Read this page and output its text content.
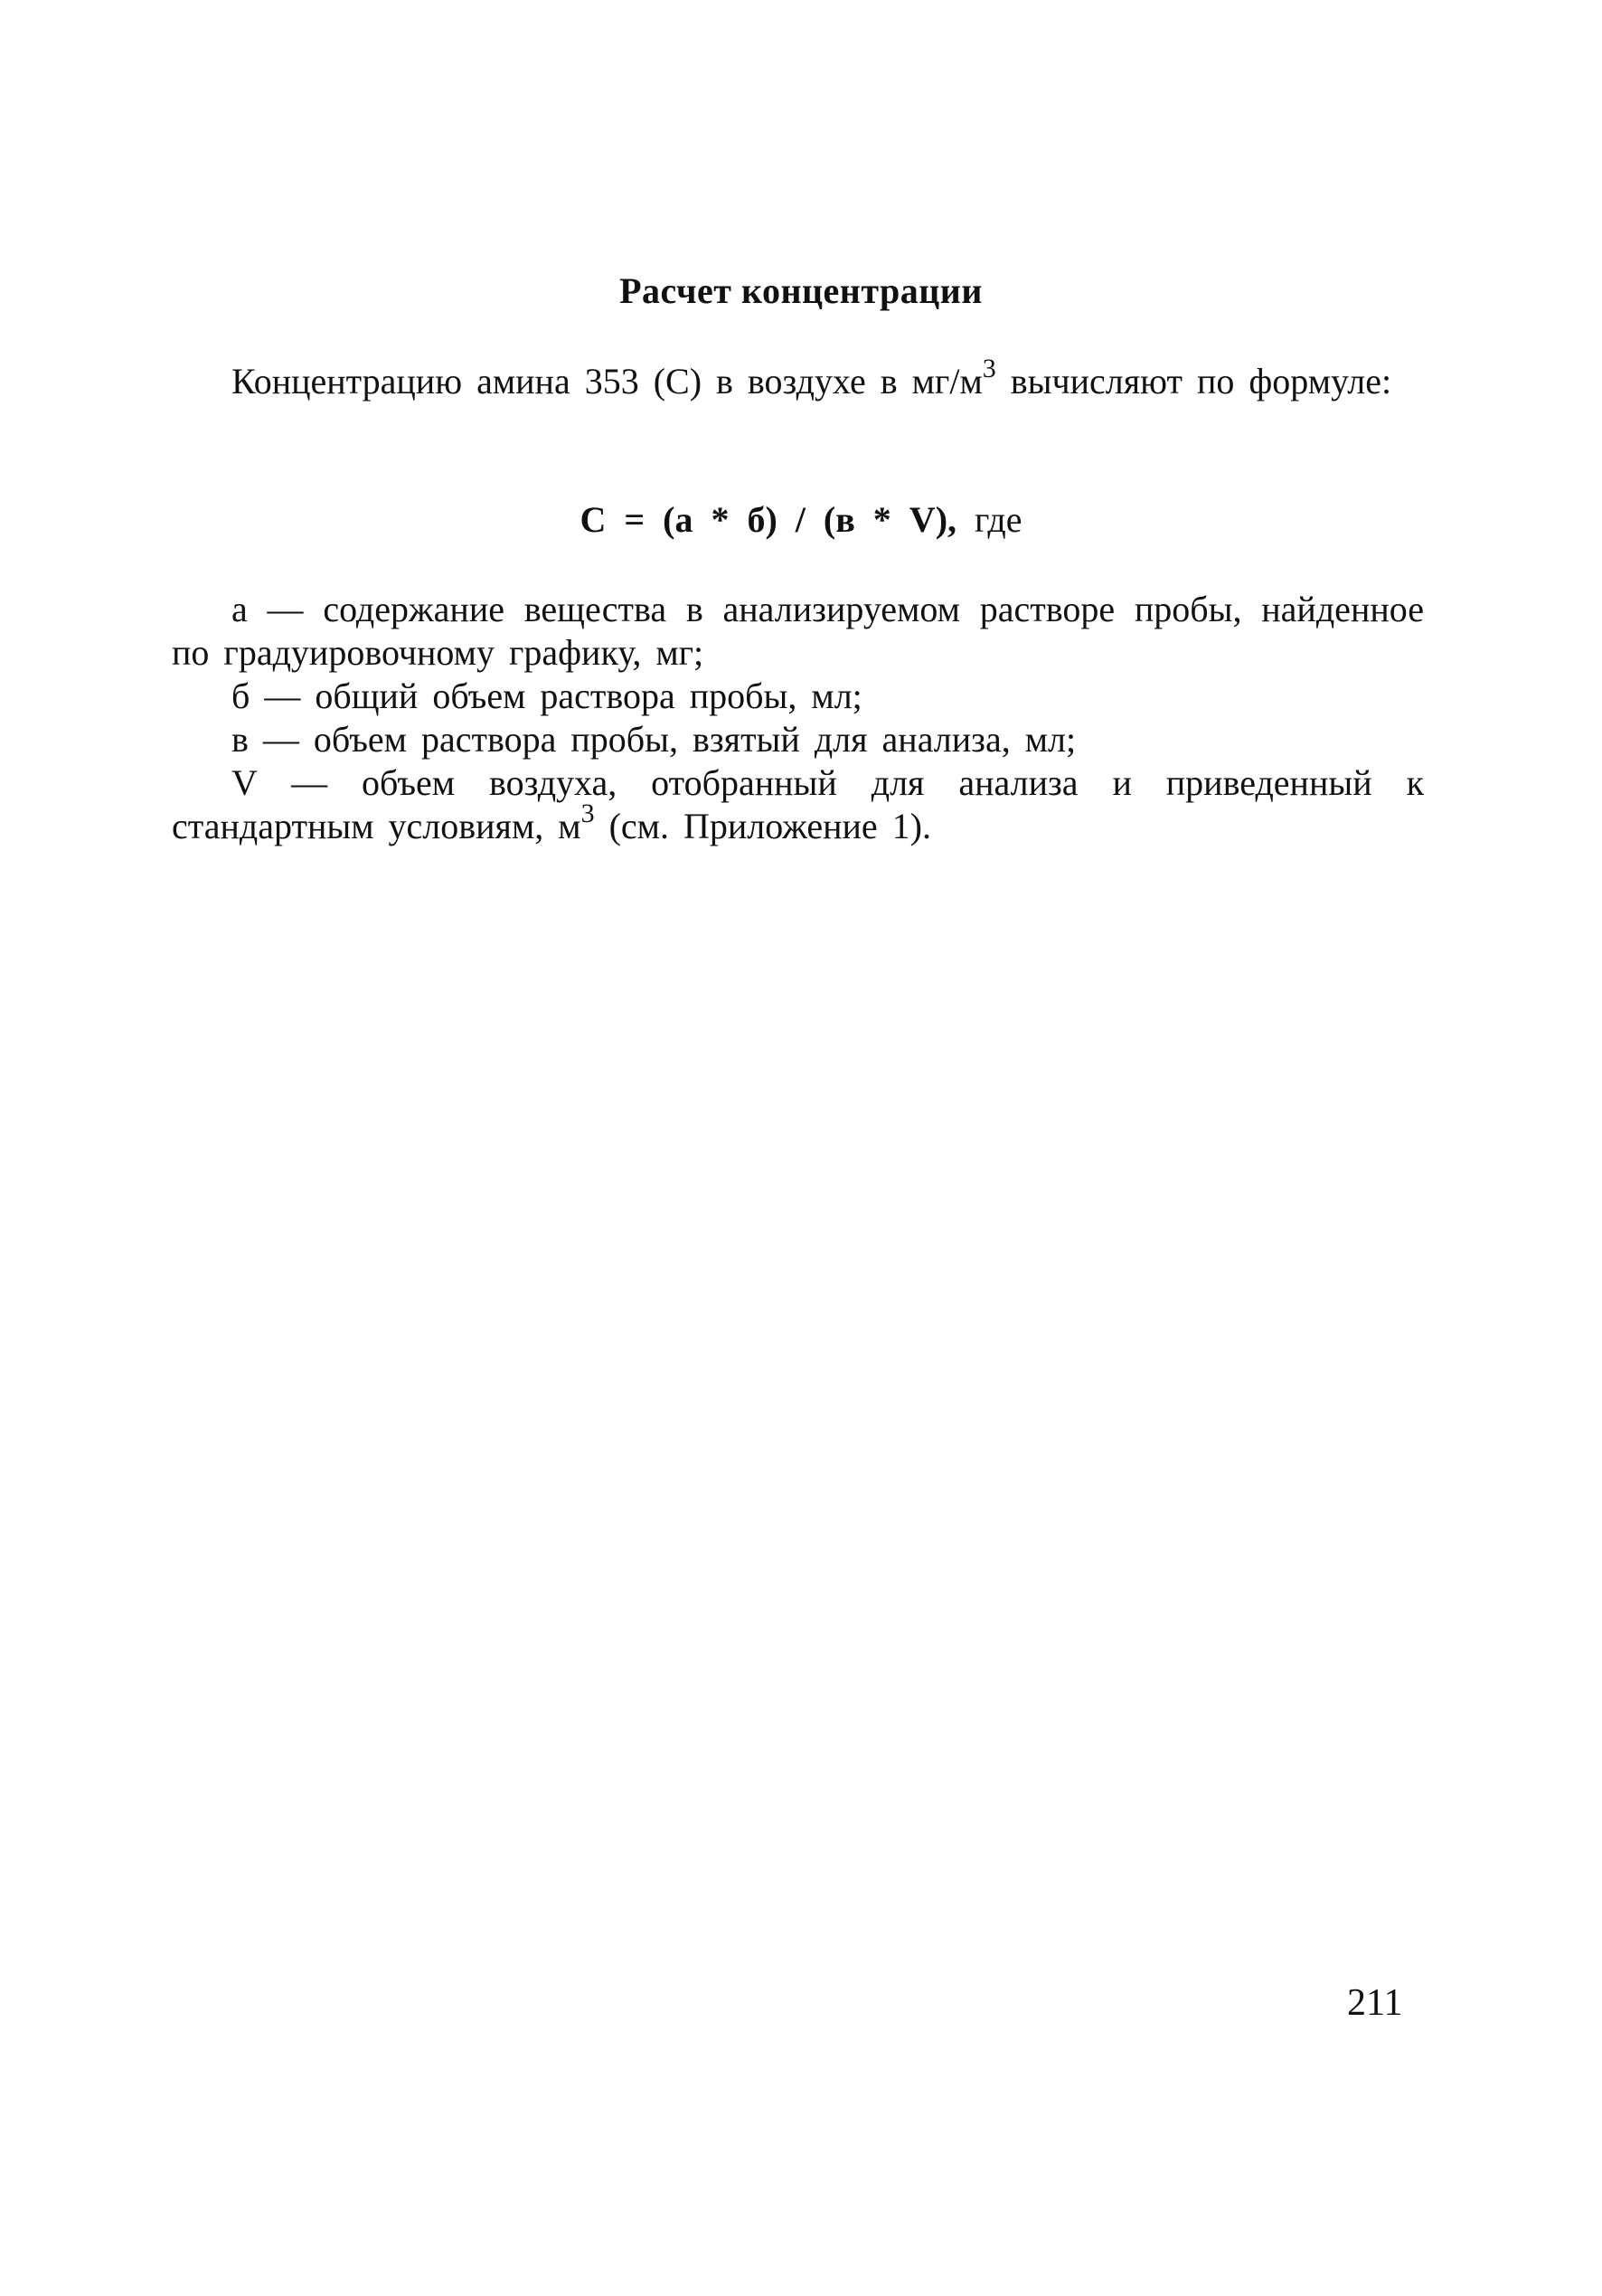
Расчет концентрации
Концентрацию амина 353 (С) в воздухе в $мг/м^3$ вычисляют по формуле:
С = (а * б) / (в * V), где

а — содержание вещества в анализируемом растворе пробы, найденное по градуировочному графику, мг;

б — общий объем раствора пробы, мл;

в — объем раствора пробы, взятый для анализа, мл;

V — объем воздуха, отобранный для анализа и приведенный к стандартным условиям, $м^3$ (см. Приложение 1).

211
